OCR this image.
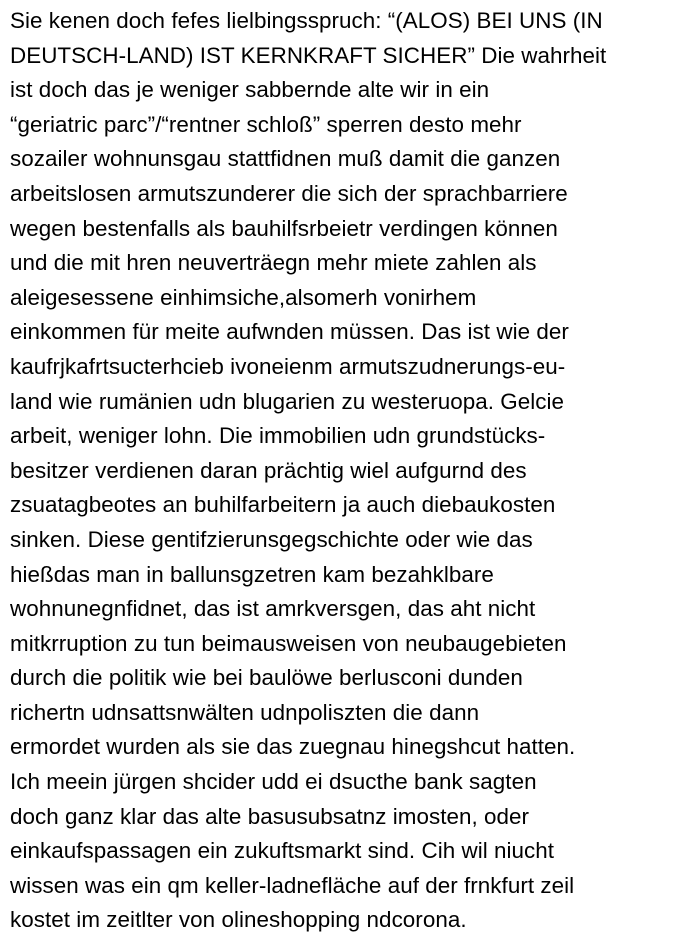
Sie kenen doch fefes lielbingsspruch: “(ALOS) BEI UNS (IN
DEUTSCH-LAND) IST KERNKRAFT SICHER” Die wahrheit
ist doch das je weniger sabbernde alte wir in ein
“geriatric parc”/“rentner schloß” sperren desto mehr
sozailer wohnunsgau stattfidnen muß damit die ganzen
arbeitslosen armutszunderer die sich der sprachbarriere
wegen bestenfalls als bauhilfsrbeietr verdingen können
und die mit hren neuverträegn mehr miete zahlen als
aleigesessene einhimsiche,alsomerh vonirhem
einkommen für meite aufwnden müssen. Das ist wie der
kaufrjkafrtsucterhcieb ivoneienm armutszudnerungs-eu-
land wie rumänien udn blugarien zu westeruopa. Gelcie
arbeit, weniger lohn. Die immobilien udn grundstücks-
besitzer verdienen daran prächtig wiel aufgurnd des
zsuatagbeotes an buhilfarbeitern ja auch diebaukosten
sinken. Diese gentifzierunsgegschichte oder wie das
hießdas man in ballunsgzetren kam bezahklbare
wohnunegnfidnet, das ist amrkversgen, das aht nicht
mitkrruption zu tun beimausweisen von neubaugebieten
durch die politik wie bei baulöwe berlusconi dunden
richertn udnsattsnwälten udnpoliszten die dann
ermordet wurden als sie das zuegnau hinegshcut hatten.
Ich meein jürgen shcider udd ei dsucthe bank sagten
doch ganz klar das alte basusubsatnz imosten, oder
einkaufspassagen ein zukuftsmarkt sind. Cih wil niucht
wissen was ein qm keller-ladnefläche auf der frnkfurt zeil
kostet im zeitlter von olineshopping ndcorona.
